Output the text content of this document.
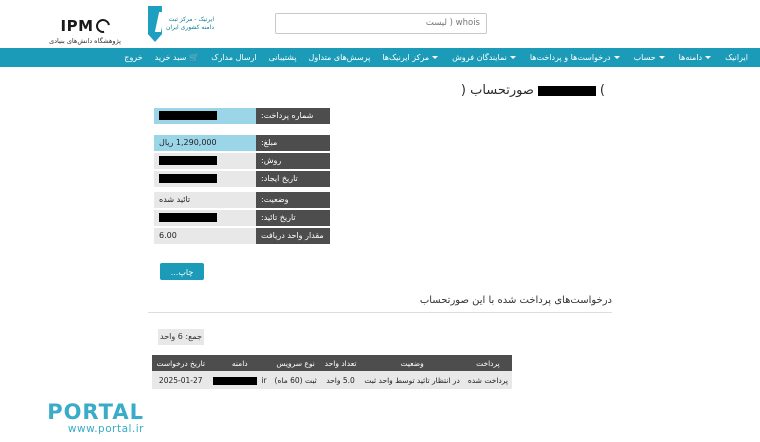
IPM
پژوهشگاه دانش‌های بنیادی
whois ( لیست
ایرنیک - مرکز ثبت
دامنه کشوری ایران
ایرانیک
دامنه‌ها
حساب
درخواست‌ها و پرداخت‌ها
نمایندگان فروش
مرکز ایرنیک‌ها
پرسش‌های متداول
پشتیبانی
ارسال مدارک
🛒
سبد خرید
خروج
)
صورتحساب (
شماره پرداخت:
مبلغ:
1,290,000 ریال
روش:
تاریخ ایجاد:
وضعیت:
تائید شده
تاریخ تائید:
مقدار واحد دریافت شده:
6.00
چاپ...
درخواست‌های پرداخت شده با این صورتحساب
جمع: 6 واحد
پرداخت	وضعیت	تعداد واحد	نوع سرویس	دامنه	تاریخ درخواست
پرداخت شده	در انتظار تائید توسط واحد ثبت	5.0 واحد	ثبت (60 ماه)	ir	2025-01-27
PORTAL
www.portal.ir
